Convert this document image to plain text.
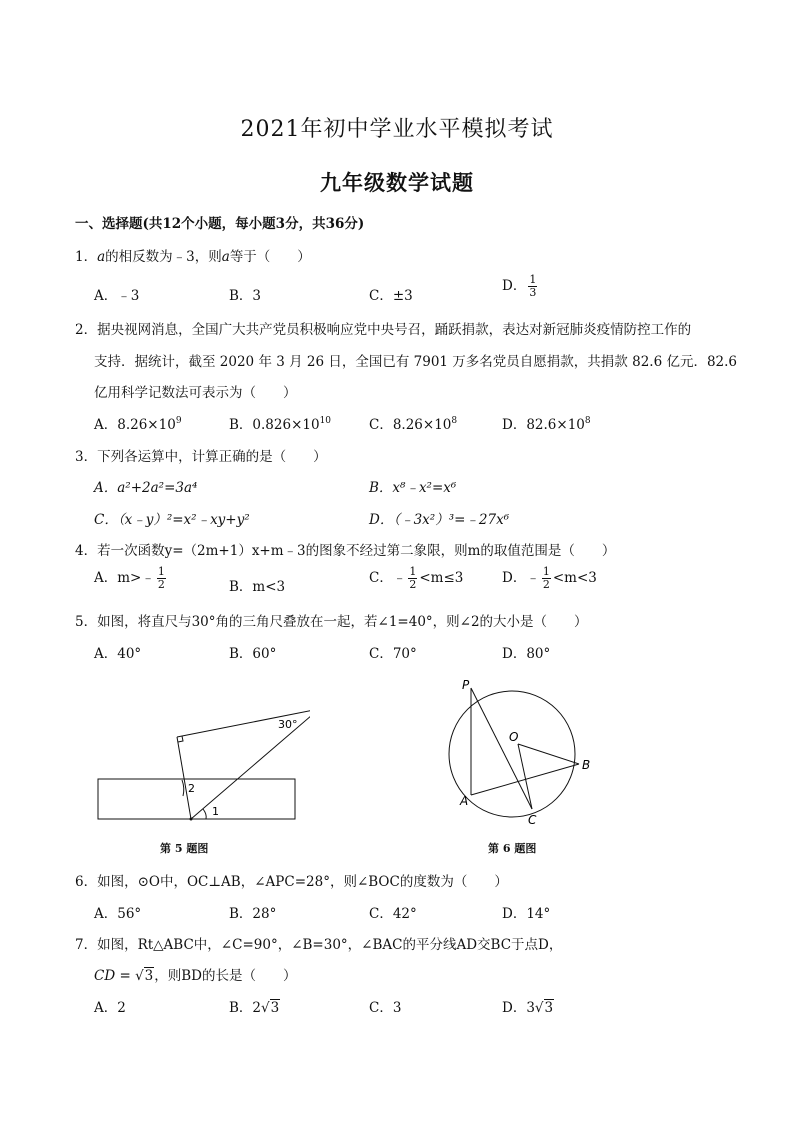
2021年初中学业水平模拟考试
九年级数学试题
一、选择题(共12个小题，每小题3分，共36分)
1．a的相反数为﹣3，则a等于（　　）
A．﹣3	B．3	C．±3
D． $\frac{1}{3}$
2．据央视网消息，全国广大共产党员积极响应党中央号召，踊跃捐款，表达对新冠肺炎疫情防控工作的
支持．据统计，截至 2020 年 3 月 26 日，全国已有 7901 万多名党员自愿捐款，共捐款 82.6 亿元．82.6
亿用科学记数法可表示为（　　）
A．$8.26\times 10^9$	B．$0.826\times 10^{10}$	C．$8.26\times 10^8$	D．$82.6\times 10^8$
3．下列各运算中，计算正确的是（　　）
A．a²+2a²=3a⁴	B．x⁸﹣x²=x⁶
C．（x﹣y）²=x²﹣xy+y²	D．（﹣3x²）³=﹣27x⁶
4．若一次函数y=（2m+1）x+m﹣3的图象不经过第二象限，则m的取值范围是（　　）
A．m>﹣ $\frac{1}{2}$	B．m<3
C．﹣ $\frac{1}{2} <m\le 3$	D．﹣ $\frac{1}{2} <m<3$
5．如图，将直尺与30°角的三角尺叠放在一起，若∠1=40°，则∠2的大小是（　　）
A．40°	B．60°	C．70°	D．80°
30°
2
1
第 5 题图
P
O
A
B
C
第 6 题图
6．如图，⊙O中，OC⊥AB，∠APC=28°，则∠BOC的度数为（　　）
A．56°	B．28°	C．42°	D．14°
7．如图，Rt△ABC中，∠C=90°，∠B=30°，∠BAC的平分线AD交BC于点D，
CD = √3，则BD的长是（　　）
A．2	B．2√3	C．3	D．3√3
